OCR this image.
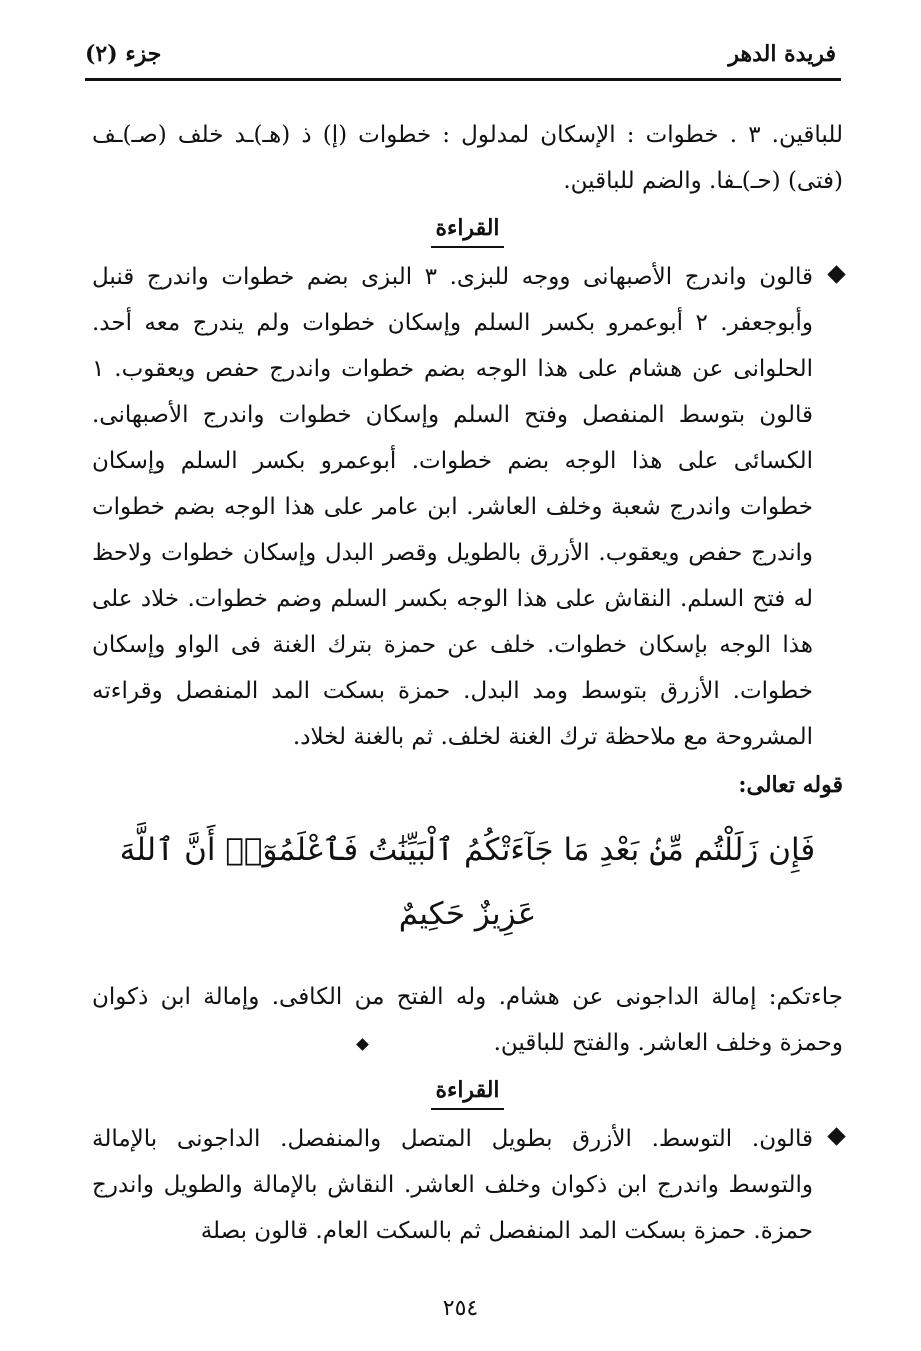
جزء (٢)	فريدة الدهر

للباقين. ٣ . خطوات : الإسكان لمدلول : خطوات (إ) ذ (هـ)ـد خلف (صـ)ـف (فتى) (حـ)ـفا. والضم للباقين.

القراءة

قالون واندرج الأصبهانى ووجه للبزى. ٣ البزى بضم خطوات واندرج قنبل وأبوجعفر. ٢ أبوعمرو بكسر السلم وإسكان خطوات ولم يندرج معه أحد. الحلوانى عن هشام على هذا الوجه بضم خطوات واندرج حفص ويعقوب. ١ قالون بتوسط المنفصل وفتح السلم وإسكان خطوات واندرج الأصبهانى. الكسائى على هذا الوجه بضم خطوات. أبوعمرو بكسر السلم وإسكان خطوات واندرج شعبة وخلف العاشر. ابن عامر على هذا الوجه بضم خطوات واندرج حفص ويعقوب. الأزرق بالطويل وقصر البدل وإسكان خطوات ولاحظ له فتح السلم. النقاش على هذا الوجه بكسر السلم وضم خطوات. خلاد على هذا الوجه بإسكان خطوات. خلف عن حمزة بترك الغنة فى الواو وإسكان خطوات. الأزرق بتوسط ومد البدل. حمزة بسكت المد المنفصل وقراءته المشروحة مع ملاحظة ترك الغنة لخلف. ثم بالغنة لخلاد.

قوله تعالى:
فَإِن زَلَلْتُم مِّنۢ بَعْدِ مَا جَآءَتْكُمُ ٱلْبَيِّنَٰتُ فَٱعْلَمُوٓا۟ أَنَّ ٱللَّهَ عَزِيزٌ حَكِيمٌ

جاءتكم: إمالة الداجونى عن هشام. وله الفتح من الكافى. وإمالة ابن ذكوان وحمزة وخلف العاشر. والفتح للباقين.

القراءة

قالون. التوسط. الأزرق بطويل المتصل والمنفصل. الداجونى بالإمالة والتوسط واندرج ابن ذكوان وخلف العاشر. النقاش بالإمالة والطويل واندرج حمزة. حمزة بسكت المد المنفصل ثم بالسكت العام. قالون بصلة

٢٥٤
